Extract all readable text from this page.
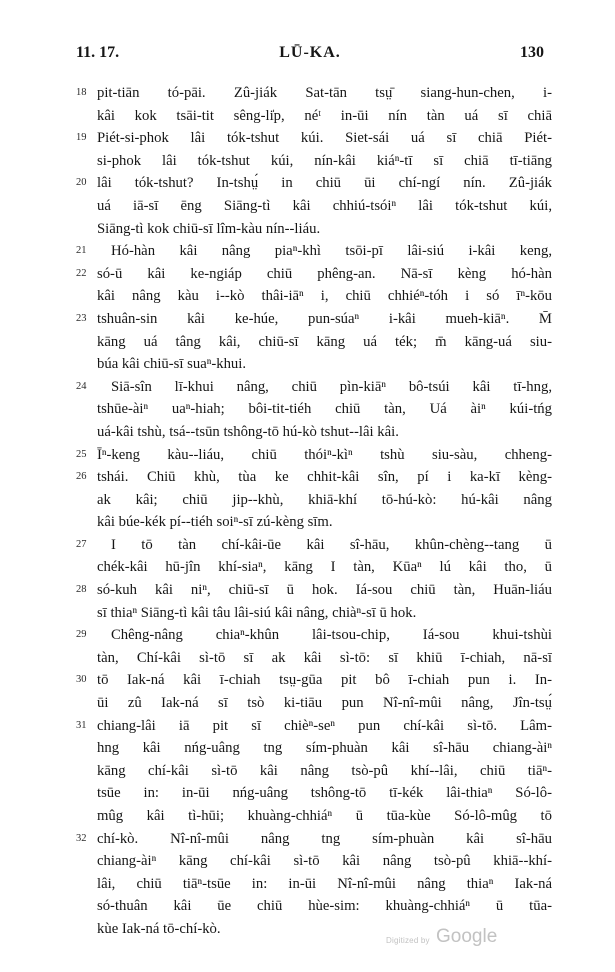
11. 17.	LŪ-KA.	130
18 pit-tiān tó-pāi. Zû-jiák Sat-tān tsṳ̄ siang-hun-chen, i-
kâi kok tsāi-tit sêng-li̍p, néᵗ in-ūi nín tàn uá sī chiā
19 Piét-si-phok lâi tók-tshut kúi. Siet-sái uá sī chiā Piét-
si-phok lâi tók-tshut kúi, nín-kâi kiáⁿ-tī sī chiā tī-tiāng
20 lâi tók-tshut? In-tshṳ́ in chiū ūi chí-ngí nín. Zû-jiák
uá iā-sī ēng Siāng-tì kâi chhiú-tsóiⁿ lâi tók-tshut kúi,
Siāng-tì kok chiū-sī lîm-kàu nín--liáu.
21	Hó-hàn kâi nâng piaⁿ-khì tsōi-pī lâi-siú i-kâi keng,
22 só-ū kâi ke-ngiáp chiū phêng-an. Nā-sī kèng hó-hàn
kâi nâng kàu i--kò thâi-iāⁿ i, chiū chhiéⁿ-tóh i só īⁿ-kōu
23 tshuân-sin kâi ke-húe, pun-súaⁿ i-kâi mueh-kiāⁿ. M̄
kāng uá tâng kâi, chiū-sī kāng uá ték; m̄ kāng-uá siu-
búa kâi chiū-sī suaⁿ-khui.
24	Siā-sîn lī-khui nâng, chiū pìn-kiāⁿ bô-tsúi kâi tī-hng,
tshūe-àiⁿ uaⁿ-hiah; bôi-tit-tiéh chiū tàn, Uá àiⁿ kúi-tńg
uá-kâi tshù, tsá--tsūn tshông-tō hú-kò tshut--lâi kâi.
25 Īⁿ-keng kàu--liáu, chiū thóiⁿ-kìⁿ tshù siu-sàu, chheng-
26 tshái. Chiū khù, tùa ke chhit-kâi sîn, pí i ka-kī kèng-
ak kâi; chiū jip--khù, khiā-khí tō-hú-kò: hú-kâi nâng
kâi búe-kék pí--tiéh soiⁿ-sī zú-kèng sīm.
27	I tō tàn chí-kâi-ūe kâi sî-hāu, khûn-chèng--tang ū
chék-kâi hū-jîn khí-siaⁿ, kāng I tàn, Kūaⁿ lú kâi tho, ū
28 só-kuh kâi niⁿ, chiū-sī ū hok. Iá-sou chiū tàn, Huān-liáu
sī thiaⁿ Siāng-tì kâi tâu lâi-siú kâi nâng, chiàⁿ-sī ū hok.
29	Chêng-nâng chiaⁿ-khûn lâi-tsou-chip, Iá-sou khui-tshùi
tàn, Chí-kâi sì-tō sī ak kâi sì-tō: sī khiū ī-chiah, nā-sī
30 tō Iak-ná kâi ī-chiah tsṳ-gūa pit bô ī-chiah pun i. In-
ūi zû Iak-ná sī tsò ki-tiāu pun Nî-nî-mûi nâng, Jîn-tsṳ́
31 chiang-lâi iā pit sī chièⁿ-seⁿ pun chí-kâi sì-tō. Lâm-
hng kâi nńg-uâng tng sím-phuàn kâi sî-hāu chiang-àiⁿ
kāng chí-kâi sì-tō kâi nâng tsò-pû khí--lâi, chiū tiāⁿ-
tsūe in: in-ūi nńg-uâng tshông-tō tī-kék lâi-thiaⁿ Só-lô-
mûg kâi tì-hūi; khuàng-chhiáⁿ ū tūa-kùe Só-lô-mûg tō
32 chí-kò. Nî-nî-mûi nâng tng sím-phuàn kâi sî-hāu
chiang-àiⁿ kāng chí-kâi sì-tō kâi nâng tsò-pû khiā--khí-
lâi, chiū tiāⁿ-tsūe in: in-ūi Nî-nî-mûi nâng thiaⁿ Iak-ná
só-thuân kâi ūe chiū hùe-sim: khuàng-chhiáⁿ ū tūa-
kùe Iak-ná tō-chí-kò.
Digitized by Google
